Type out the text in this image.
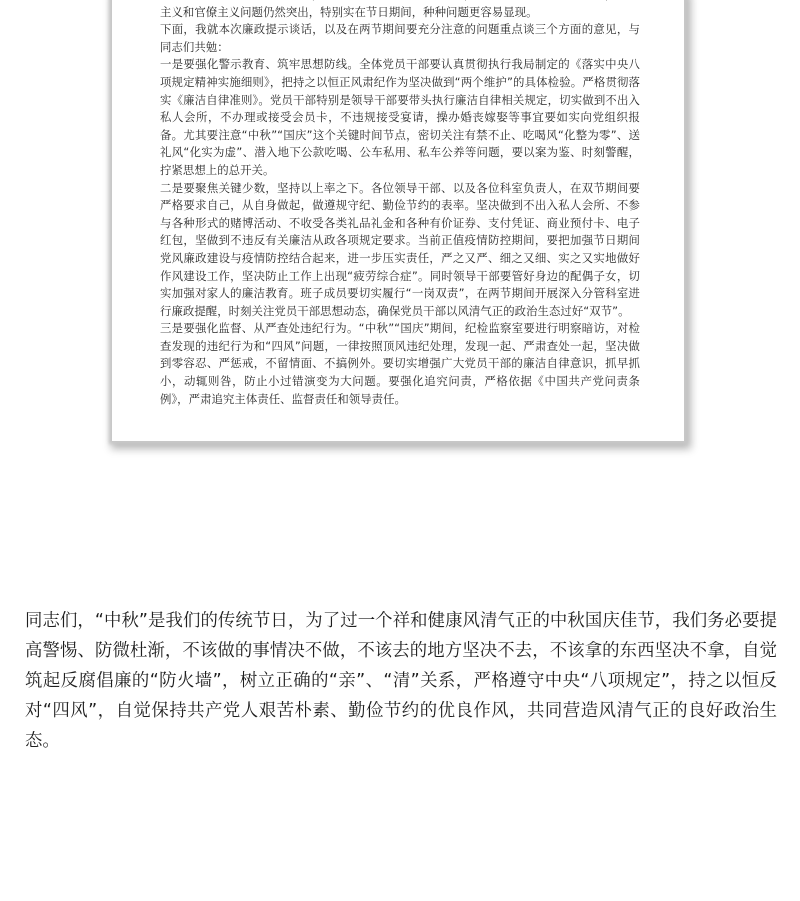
主义和官僚主义问题仍然突出，特别实在节日期间，种种问题更容易显现。

下面，我就本次廉政提示谈话，以及在两节期间要充分注意的问题重点谈三个方面的意见，与同志们共勉：

一是要强化警示教育、筑牢思想防线。全体党员干部要认真贯彻执行我局制定的《落实中央八项规定精神实施细则》，把持之以恒正风肃纪作为坚决做到“两个维护”的具体检验。严格贯彻落实《廉洁自律准则》。党员干部特别是领导干部要带头执行廉洁自律相关规定，切实做到不出入私人会所，不办理或接受会员卡，不违规接受宴请，操办婚丧嫁娶等事宜要如实向党组织报备。尤其要注意“中秋”“国庆”这个关键时间节点，密切关注有禁不止、吃喝风“化整为零”、送礼风“化实为虚”、潜入地下公款吃喝、公车私用、私车公养等问题，要以案为鉴、时刻警醒，拧紧思想上的总开关。

二是要聚焦关键少数，坚持以上率之下。各位领导干部、以及各位科室负责人，在双节期间要严格要求自己，从自身做起，做遵规守纪、勤俭节约的表率。坚决做到不出入私人会所、不参与各种形式的赌博活动、不收受各类礼品礼金和各种有价证券、支付凭证、商业预付卡、电子红包，坚做到不违反有关廉洁从政各项规定要求。当前正值疫情防控期间，要把加强节日期间党风廉政建设与疫情防控结合起来，进一步压实责任，严之又严、细之又细、实之又实地做好作风建设工作，坚决防止工作上出现“疲劳综合症”。同时领导干部要管好身边的配偶子女，切实加强对家人的廉洁教育。班子成员要切实履行“一岗双责”，在两节期间开展深入分管科室进行廉政提醒，时刻关注党员干部思想动态，确保党员干部以风清气正的政治生态过好“双节”。

三是要强化监督、从严查处违纪行为。“中秋”“国庆”期间，纪检监察室要进行明察暗访，对检查发现的违纪行为和“四风”问题，一律按照顶风违纪处理，发现一起、严肃查处一起，坚决做到零容忍、严惩戒，不留情面、不搞例外。要切实增强广大党员干部的廉洁自律意识，抓早抓小，动辄则咎，防止小过错演变为大问题。要强化追究问责，严格依据《中国共产党问责条例》，严肃追究主体责任、监督责任和领导责任。

同志们，“中秋”是我们的传统节日，为了过一个祥和健康风清气正的中秋国庆佳节，我们务必要提高警惕、防微杜渐，不该做的事情决不做，不该去的地方坚决不去，不该拿的东西坚决不拿，自觉筑起反腐倡廉的“防火墙”，树立正确的“亲”、“清”关系，严格遵守中央“八项规定”，持之以恒反对“四风”，自觉保持共产党人艰苦朴素、勤俭节约的优良作风，共同营造风清气正的良好政治生态。
